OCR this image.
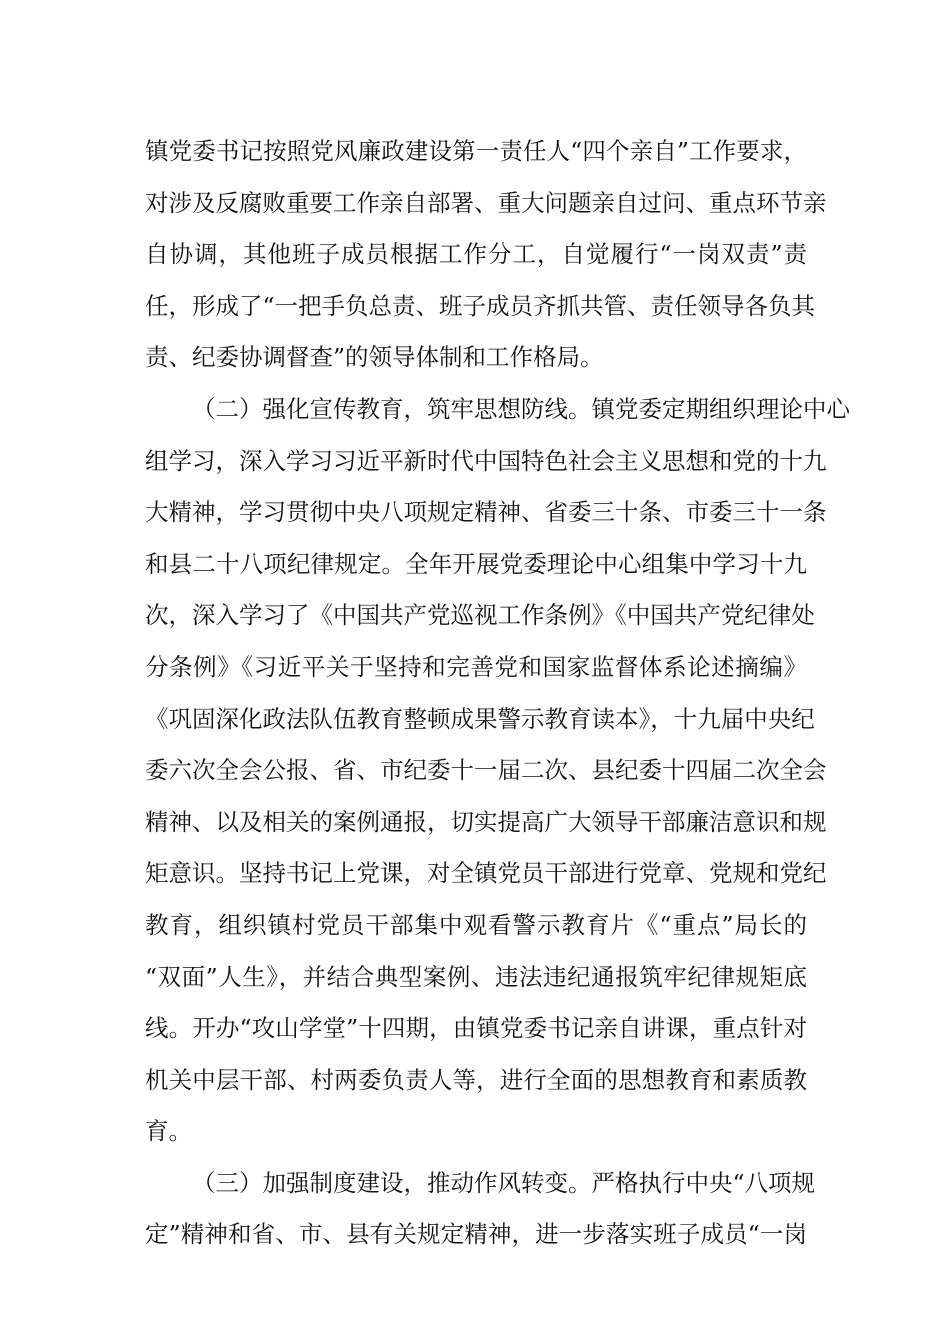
镇党委书记按照党风廉政建设第一责任人“四个亲自”工作要求，
对涉及反腐败重要工作亲自部署、重大问题亲自过问、重点环节亲
自协调，其他班子成员根据工作分工，自觉履行“一岗双责”责
任，形成了“一把手负总责、班子成员齐抓共管、责任领导各负其
责、纪委协调督查”的领导体制和工作格局。
（二）强化宣传教育，筑牢思想防线。镇党委定期组织理论中心
组学习，深入学习习近平新时代中国特色社会主义思想和党的十九
大精神，学习贯彻中央八项规定精神、省委三十条、市委三十一条
和县二十八项纪律规定。全年开展党委理论中心组集中学习十九
次，深入学习了《中国共产党巡视工作条例》《中国共产党纪律处
分条例》《习近平关于坚持和完善党和国家监督体系论述摘编》
《巩固深化政法队伍教育整顿成果警示教育读本》，十九届中央纪
委六次全会公报、省、市纪委十一届二次、县纪委十四届二次全会
精神、以及相关的案例通报，切实提高广大领导干部廉洁意识和规
矩意识。坚持书记上党课，对全镇党员干部进行党章、党规和党纪
教育，组织镇村党员干部集中观看警示教育片《“重点”局长的
“双面”人生》，并结合典型案例、违法违纪通报筑牢纪律规矩底
线。开办“攻山学堂”十四期，由镇党委书记亲自讲课，重点针对
机关中层干部、村两委负责人等，进行全面的思想教育和素质教
育。
（三）加强制度建设，推动作风转变。严格执行中央“八项规
定”精神和省、市、县有关规定精神，进一步落实班子成员“一岗
